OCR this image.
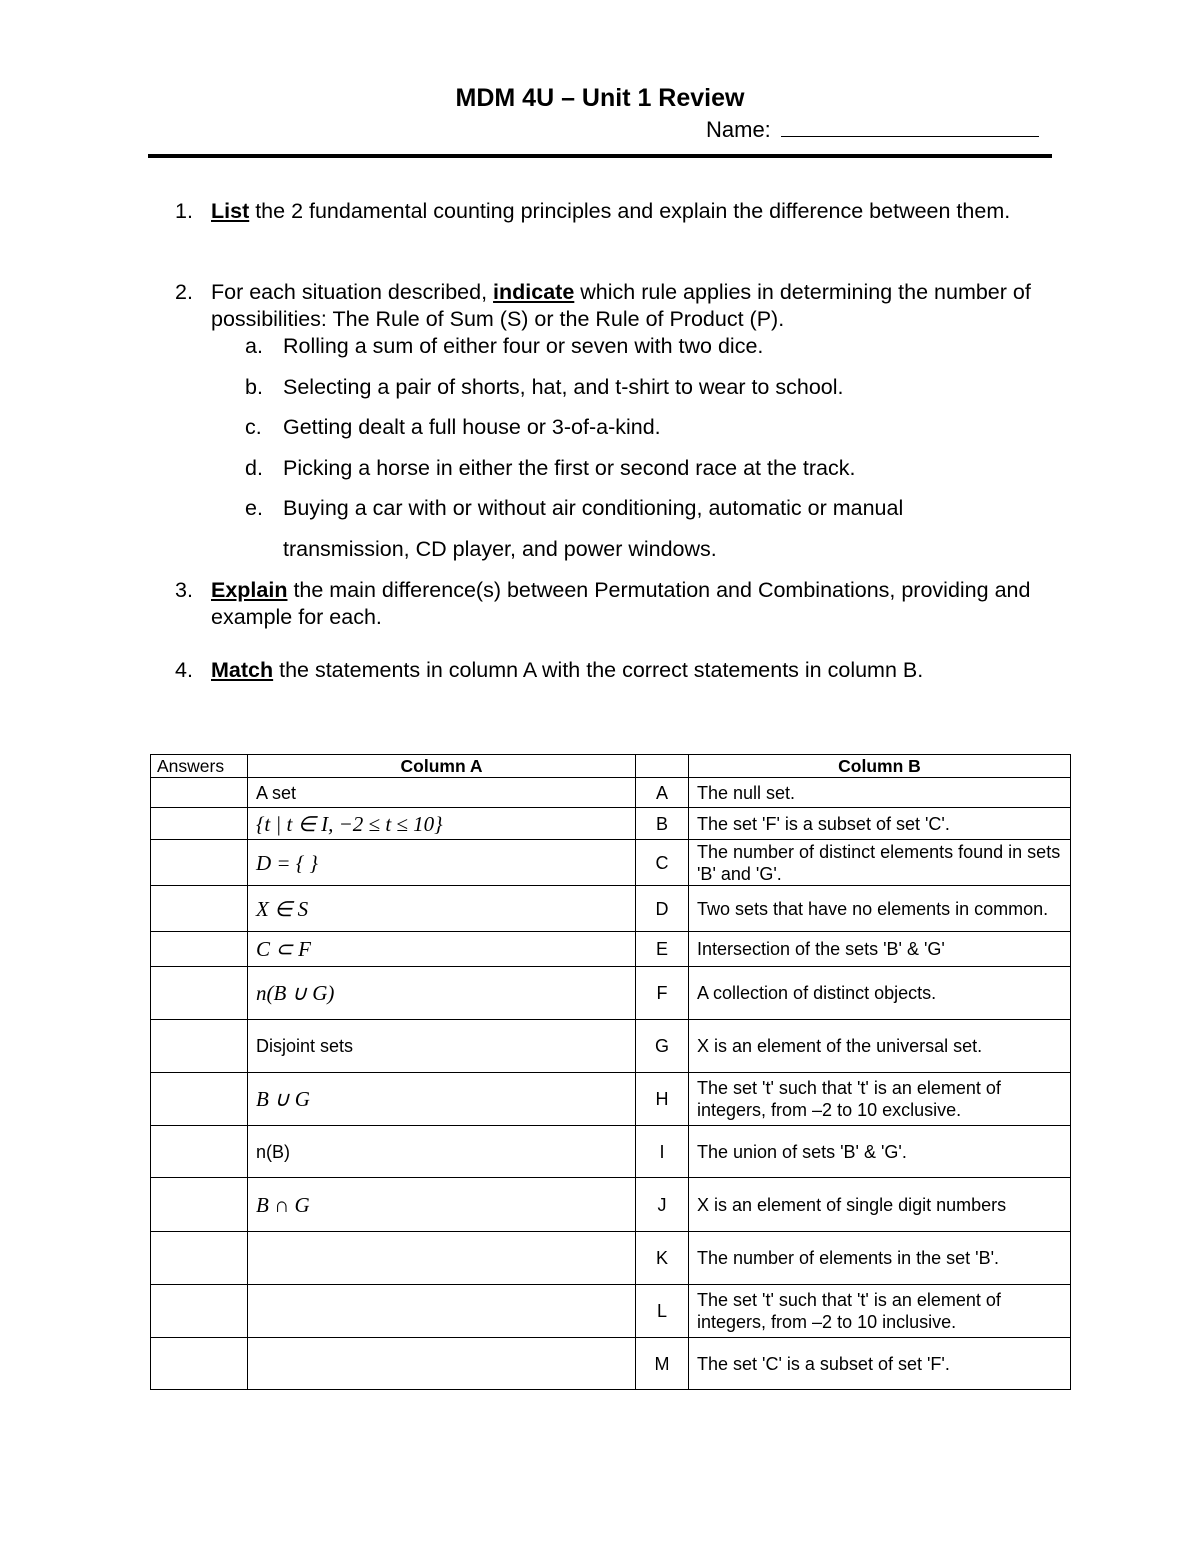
MDM 4U – Unit 1 Review
Name:
1. List the 2 fundamental counting principles and explain the difference between them.
2. For each situation described, indicate which rule applies in determining the number of possibilities: The Rule of Sum (S) or the Rule of Product (P).
a. Rolling a sum of either four or seven with two dice.
b. Selecting a pair of shorts, hat, and t-shirt to wear to school.
c. Getting dealt a full house or 3-of-a-kind.
d. Picking a horse in either the first or second race at the track.
e. Buying a car with or without air conditioning, automatic or manual
transmission, CD player, and power windows.
3. Explain the main difference(s) between Permutation and Combinations, providing and example for each.
4. Match the statements in column A with the correct statements in column B.
Answers	Column A		Column B
	A set	A	The null set.
	{t | t ∈ I, −2 ≤ t ≤ 10}	B	The set 'F' is a subset of set 'C'.
	D = { }	C	The number of distinct elements found in sets 'B' and 'G'.
	X ∈ S	D	Two sets that have no elements in common.
	C ⊂ F	E	Intersection of the sets 'B' & 'G'
	n(B ∪ G)	F	A collection of distinct objects.
	Disjoint sets	G	X is an element of the universal set.
	B ∪ G	H	The set 't' such that 't' is an element of integers, from –2 to 10 exclusive.
	n(B)	I	The union of sets 'B' & 'G'.
	B ∩ G	J	X is an element of single digit numbers
		K	The number of elements in the set 'B'.
		L	The set 't' such that 't' is an element of integers, from –2 to 10 inclusive.
		M	The set 'C' is a subset of set 'F'.
